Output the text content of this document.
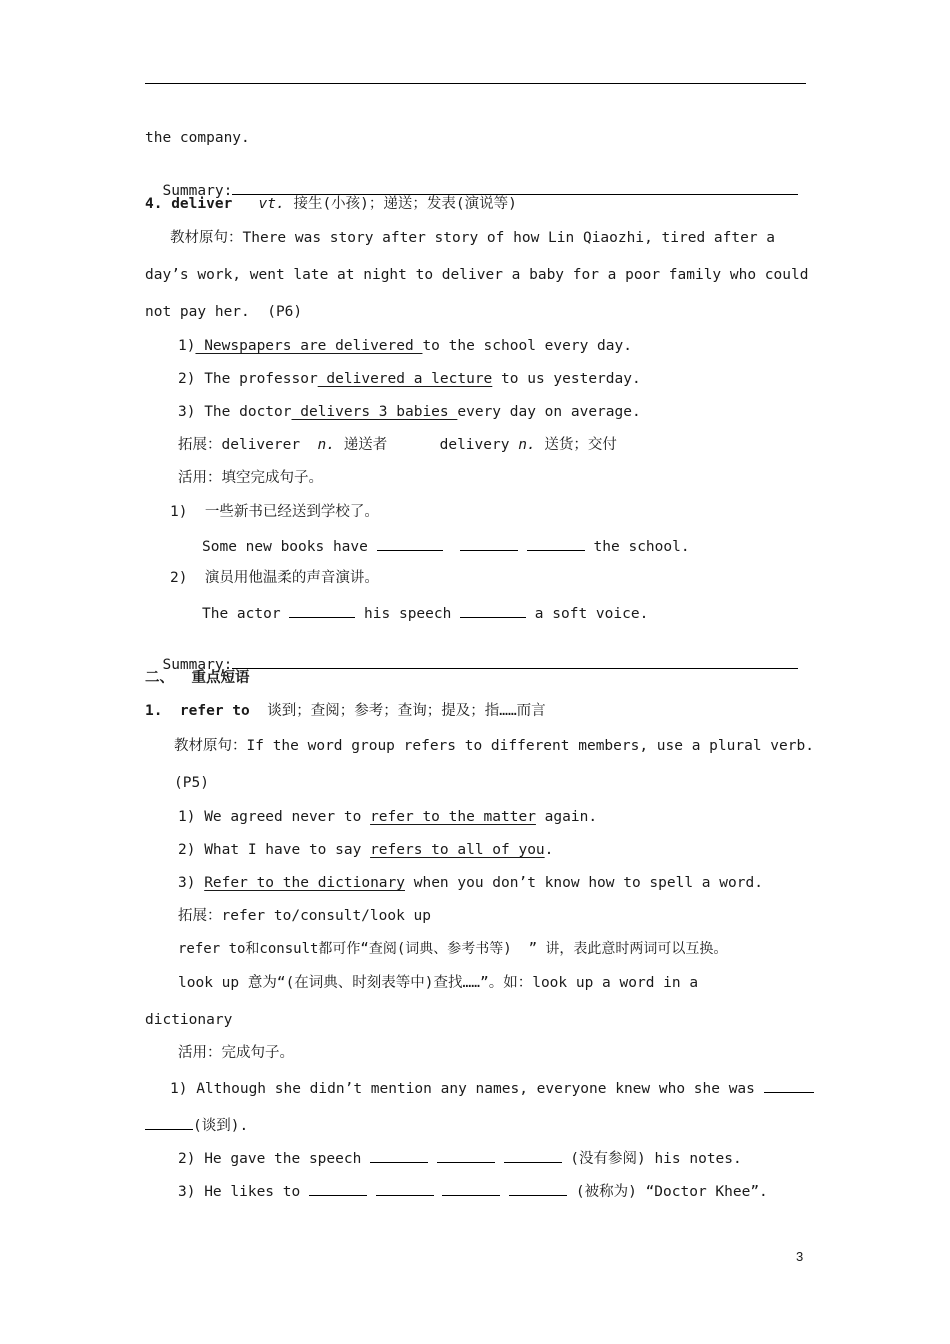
the company.

Summary:

4. deliver vt. 接生(小孩)；递送；发表(演说等)
教材原句：There was story after story of how Lin Qiaozhi, tired after a
day’s work, went late at night to deliver a baby for a poor family who could
not pay her.  (P6)
1) Newspapers are delivered to the school every day.
2) The professor delivered a lecture to us yesterday.
3) The doctor delivers 3 babies every day on average.
拓展：deliverer  n. 递送者      delivery n. 送货；交付
活用：填空完成句子。
1)  一些新书已经送到学校了。
Some new books have	the school.
2)  演员用他温柔的声音演讲。
The actor	his speech	a soft voice.

Summary:

二、  重点短语
1.  refer to  谈到；查阅；参考；查询；提及；指……而言
教材原句：If the word group refers to different members, use a plural verb.
(P5)
1) We agreed never to refer to the matter again.
2) What I have to say refers to all of you.
3) Refer to the dictionary when you don’t know how to spell a word.
拓展：refer to/consult/look up
refer to和consult都可作“查阅(词典、参考书等)  ” 讲，表此意时两词可以互换。
look up 意为“(在词典、时刻表等中)查找……”。如：look up a word in a
dictionary
活用：完成句子。
1) Although she didn’t mention any names, everyone knew who she was
(谈到).
2) He gave the speech	(没有参阅) his notes.
3) He likes to	(被称为) “Doctor Khee”.
3
